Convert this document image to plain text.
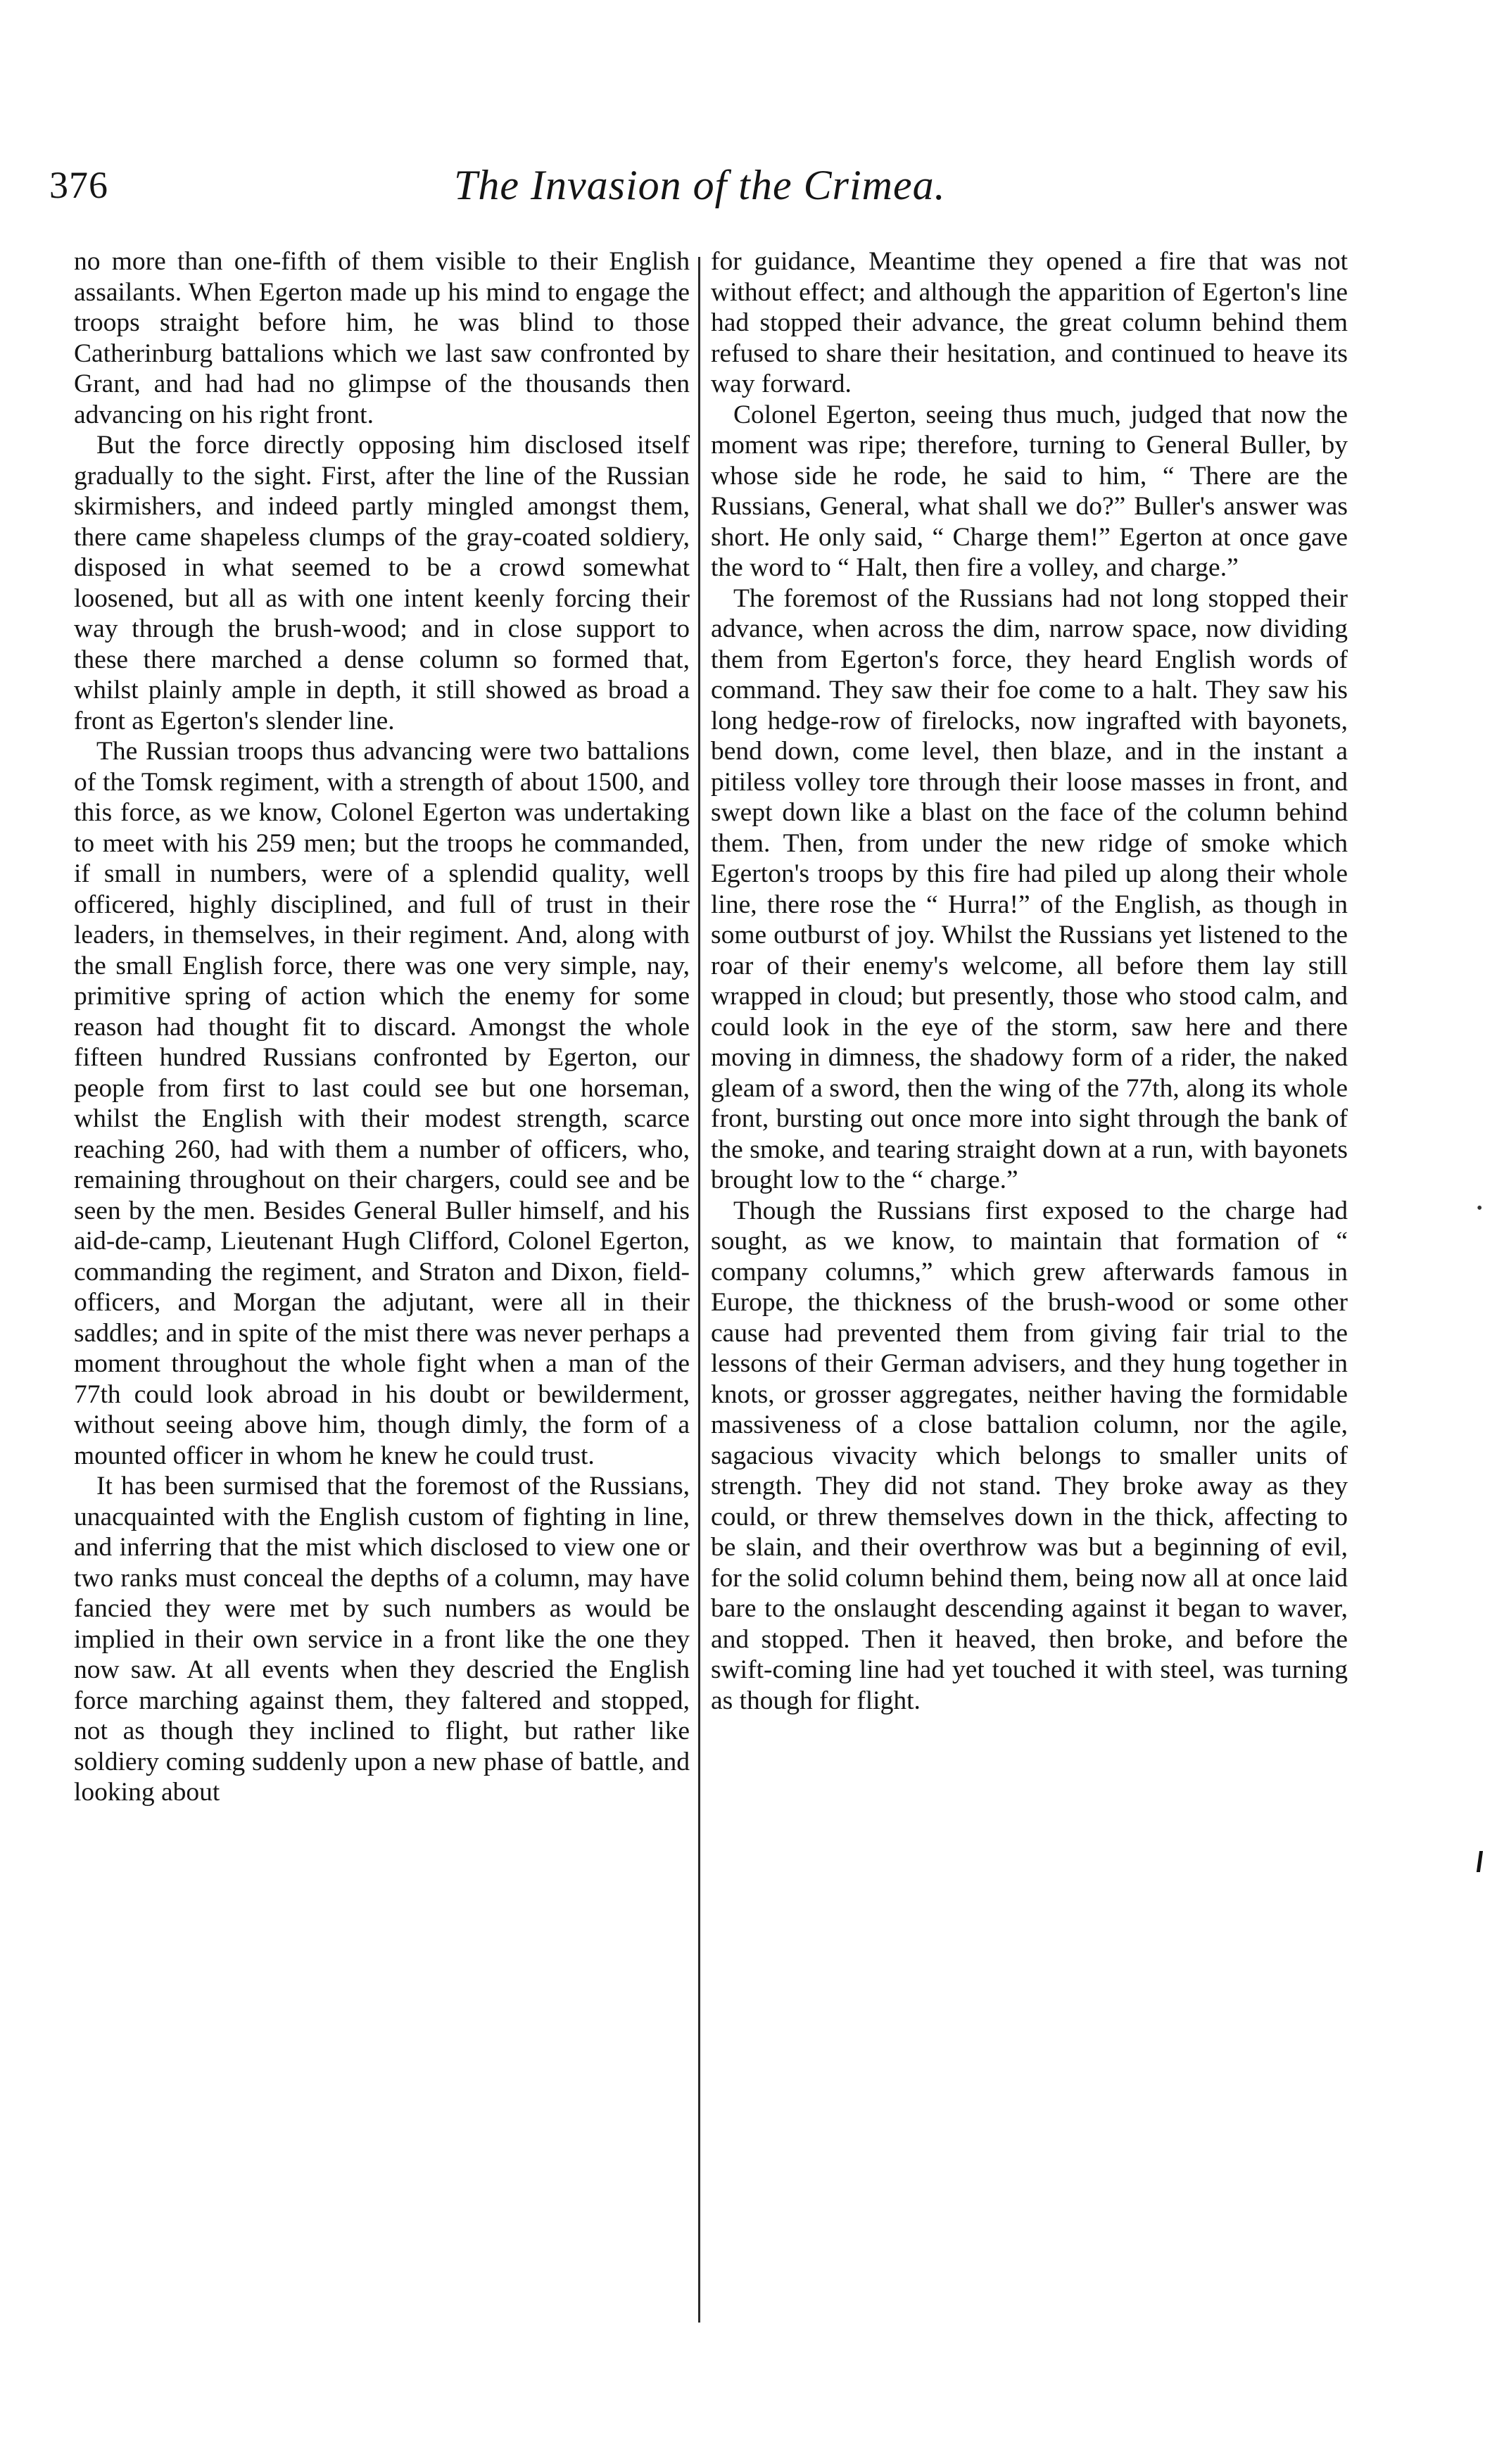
376	The Invasion of the Crimea.

no more than one-fifth of them visible to their English assailants. When Egerton made up his mind to engage the troops straight before him, he was blind to those Catherinburg battalions which we last saw confronted by Grant, and had had no glimpse of the thousands then advancing on his right front.

But the force directly opposing him disclosed itself gradually to the sight. First, after the line of the Russian skirmishers, and indeed partly mingled amongst them, there came shapeless clumps of the gray-coated soldiery, disposed in what seemed to be a crowd somewhat loosened, but all as with one intent keenly forcing their way through the brush-wood; and in close support to these there marched a dense column so formed that, whilst plainly ample in depth, it still showed as broad a front as Egerton's slender line.

The Russian troops thus advancing were two battalions of the Tomsk regiment, with a strength of about 1500, and this force, as we know, Colonel Egerton was undertaking to meet with his 259 men; but the troops he commanded, if small in numbers, were of a splendid quality, well officered, highly disciplined, and full of trust in their leaders, in themselves, in their regiment. And, along with the small English force, there was one very simple, nay, primitive spring of action which the enemy for some reason had thought fit to discard. Amongst the whole fifteen hundred Russians confronted by Egerton, our people from first to last could see but one horseman, whilst the English with their modest strength, scarce reaching 260, had with them a number of officers, who, remaining throughout on their chargers, could see and be seen by the men. Besides General Buller himself, and his aid-de-camp, Lieutenant Hugh Clifford, Colonel Egerton, commanding the regiment, and Straton and Dixon, field-officers, and Morgan the adjutant, were all in their saddles; and in spite of the mist there was never perhaps a moment throughout the whole fight when a man of the 77th could look abroad in his doubt or bewilderment, without seeing above him, though dimly, the form of a mounted officer in whom he knew he could trust.

It has been surmised that the foremost of the Russians, unacquainted with the English custom of fighting in line, and inferring that the mist which disclosed to view one or two ranks must conceal the depths of a column, may have fancied they were met by such numbers as would be implied in their own service in a front like the one they now saw. At all events when they descried the English force marching against them, they faltered and stopped, not as though they inclined to flight, but rather like soldiery coming suddenly upon a new phase of battle, and looking about

for guidance, Meantime they opened a fire that was not without effect; and although the apparition of Egerton's line had stopped their advance, the great column behind them refused to share their hesitation, and continued to heave its way forward.

Colonel Egerton, seeing thus much, judged that now the moment was ripe; therefore, turning to General Buller, by whose side he rode, he said to him, “ There are the Russians, General, what shall we do?” Buller's answer was short. He only said, “ Charge them!” Egerton at once gave the word to “ Halt, then fire a volley, and charge.”

The foremost of the Russians had not long stopped their advance, when across the dim, narrow space, now dividing them from Egerton's force, they heard English words of command. They saw their foe come to a halt. They saw his long hedge-row of firelocks, now ingrafted with bayonets, bend down, come level, then blaze, and in the instant a pitiless volley tore through their loose masses in front, and swept down like a blast on the face of the column behind them. Then, from under the new ridge of smoke which Egerton's troops by this fire had piled up along their whole line, there rose the “ Hurra!” of the English, as though in some outburst of joy. Whilst the Russians yet listened to the roar of their enemy's welcome, all before them lay still wrapped in cloud; but presently, those who stood calm, and could look in the eye of the storm, saw here and there moving in dimness, the shadowy form of a rider, the naked gleam of a sword, then the wing of the 77th, along its whole front, bursting out once more into sight through the bank of the smoke, and tearing straight down at a run, with bayonets brought low to the “ charge.”

Though the Russians first exposed to the charge had sought, as we know, to maintain that formation of “ company columns,” which grew afterwards famous in Europe, the thickness of the brush-wood or some other cause had prevented them from giving fair trial to the lessons of their German advisers, and they hung together in knots, or grosser aggregates, neither having the formidable massiveness of a close battalion column, nor the agile, sagacious vivacity which belongs to smaller units of strength. They did not stand. They broke away as they could, or threw themselves down in the thick, affecting to be slain, and their overthrow was but a beginning of evil, for the solid column behind them, being now all at once laid bare to the onslaught descending against it began to waver, and stopped. Then it heaved, then broke, and before the swift-coming line had yet touched it with steel, was turning as though for flight.

•
